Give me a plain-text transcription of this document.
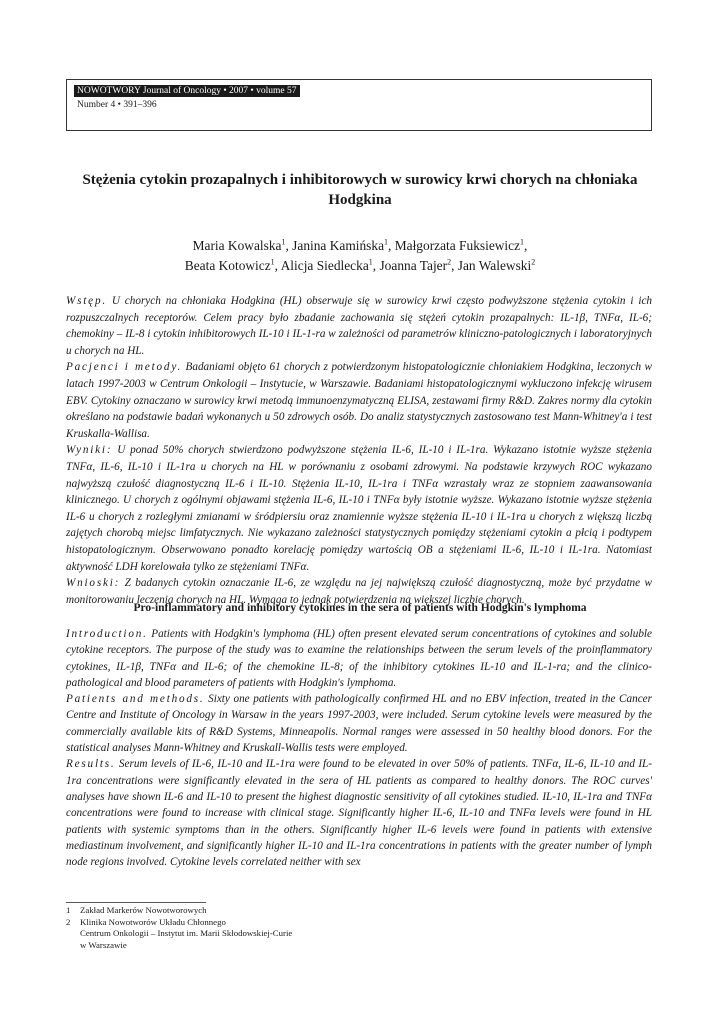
NOWOTWORY Journal of Oncology • 2007 • volume 57
Number 4 • 391–396
Stężenia cytokin prozapalnych i inhibitorowych w surowicy krwi chorych na chłoniaka Hodgkina
Maria Kowalska$^1$, Janina Kamińska$^1$, Małgorzata Fuksiewicz$^1$,
Beata Kotowicz$^1$, Alicja Siedlecka$^1$, Joanna Tajer$^2$, Jan Walewski$^2$

Wstęp. U chorych na chłoniaka Hodgkina (HL) obserwuje się w surowicy krwi często podwyższone stężenia cytokin i ich rozpuszczalnych receptorów. Celem pracy było zbadanie zachowania się stężeń cytokin prozapalnych: IL-1β, TNFα, IL-6; chemokiny – IL-8 i cytokin inhibitorowych IL-10 i IL-1-ra w zależności od parametrów kliniczno-patologicznych i laboratoryjnych u chorych na HL.

Pacjenci i metody. Badaniami objęto 61 chorych z potwierdzonym histopatologicznie chłoniakiem Hodgkina, leczonych w latach 1997-2003 w Centrum Onkologii – Instytucie, w Warszawie. Badaniami histopatologicznymi wykluczono infekcję wirusem EBV. Cytokiny oznaczano w surowicy krwi metodą immunoenzymatyczną ELISA, zestawami firmy R&D. Zakres normy dla cytokin określano na podstawie badań wykonanych u 50 zdrowych osób. Do analiz statystycznych zastosowano test Mann-Whitney'a i test Kruskalla-Wallisa.

Wyniki: U ponad 50% chorych stwierdzono podwyższone stężenia IL-6, IL-10 i IL-1ra. Wykazano istotnie wyższe stężenia TNFα, IL-6, IL-10 i IL-1ra u chorych na HL w porównaniu z osobami zdrowymi. Na podstawie krzywych ROC wykazano najwyższą czułość diagnostyczną IL-6 i IL-10. Stężenia IL-10, IL-1ra i TNFα wzrastały wraz ze stopniem zaawansowania klinicznego. U chorych z ogólnymi objawami stężenia IL-6, IL-10 i TNFα były istotnie wyższe. Wykazano istotnie wyższe stężenia IL-6 u chorych z rozległymi zmianami w śródpiersiu oraz znamiennie wyższe stężenia IL-10 i IL-1ra u chorych z większą liczbą zajętych chorobą miejsc limfatycznych. Nie wykazano zależności statystycznych pomiędzy stężeniami cytokin a płcią i podtypem histopatologicznym. Obserwowano ponadto korelację pomiędzy wartością OB a stężeniami IL-6, IL-10 i IL-1ra. Natomiast aktywność LDH korelowała tylko ze stężeniami TNFα.

Wnioski: Z badanych cytokin oznaczanie IL-6, ze względu na jej największą czułość diagnostyczną, może być przydatne w monitorowaniu leczenia chorych na HL. Wymaga to jednak potwierdzenia na większej liczbie chorych.

Pro-inflammatory and inhibitory cytokines in the sera of patients with Hodgkin's lymphoma

Introduction. Patients with Hodgkin's lymphoma (HL) often present elevated serum concentrations of cytokines and soluble cytokine receptors. The purpose of the study was to examine the relationships between the serum levels of the proinflammatory cytokines, IL-1β, TNFα and IL-6; of the chemokine IL-8; of the inhibitory cytokines IL-10 and IL-1-ra; and the clinico-pathological and blood parameters of patients with Hodgkin's lymphoma.

Patients and methods. Sixty one patients with pathologically confirmed HL and no EBV infection, treated in the Cancer Centre and Institute of Oncology in Warsaw in the years 1997-2003, were included. Serum cytokine levels were measured by the commercially available kits of R&D Systems, Minneapolis. Normal ranges were assessed in 50 healthy blood donors. For the statistical analyses Mann-Whitney and Kruskall-Wallis tests were employed.

Results. Serum levels of IL-6, IL-10 and IL-1ra were found to be elevated in over 50% of patients. TNFα, IL-6, IL-10 and IL-1ra concentrations were significantly elevated in the sera of HL patients as compared to healthy donors. The ROC curves' analyses have shown IL-6 and IL-10 to present the highest diagnostic sensitivity of all cytokines studied. IL-10, IL-1ra and TNFα concentrations were found to increase with clinical stage. Significantly higher IL-6, IL-10 and TNFα levels were found in HL patients with systemic symptoms than in the others. Significantly higher IL-6 levels were found in patients with extensive mediastinum involvement, and significantly higher IL-10 and IL-1ra concentrations in patients with the greater number of lymph node regions involved. Cytokine levels correlated neither with sex

1	Zakład Markerów Nowotworowych
2	Klinika Nowotworów Układu Chłonnego
Centrum Onkologii – Instytut im. Marii Skłodowskiej-Curie
w Warszawie
